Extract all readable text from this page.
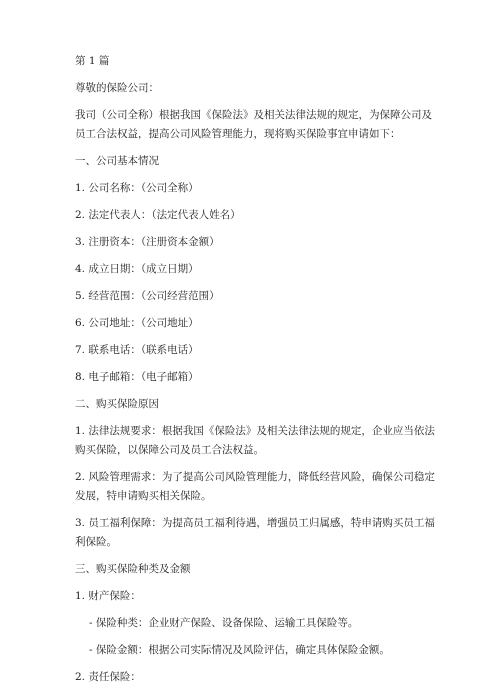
第 1 篇

尊敬的保险公司：

我司（公司全称）根据我国《保险法》及相关法律法规的规定，为保障公司及员工合法权益，提高公司风险管理能力，现将购买保险事宜申请如下：

一、公司基本情况

1. 公司名称：（公司全称）

2. 法定代表人：（法定代表人姓名）

3. 注册资本：（注册资本金额）

4. 成立日期：（成立日期）

5. 经营范围：（公司经营范围）

6. 公司地址：（公司地址）

7. 联系电话：（联系电话）

8. 电子邮箱：（电子邮箱）

二、购买保险原因

1. 法律法规要求：根据我国《保险法》及相关法律法规的规定，企业应当依法购买保险，以保障公司及员工合法权益。

2. 风险管理需求：为了提高公司风险管理能力，降低经营风险，确保公司稳定发展，特申请购买相关保险。

3. 员工福利保障：为提高员工福利待遇，增强员工归属感，特申请购买员工福利保险。

三、购买保险种类及金额

1. 财产保险：

- 保险种类：企业财产保险、设备保险、运输工具保险等。

- 保险金额：根据公司实际情况及风险评估，确定具体保险金额。

2. 责任保险：
